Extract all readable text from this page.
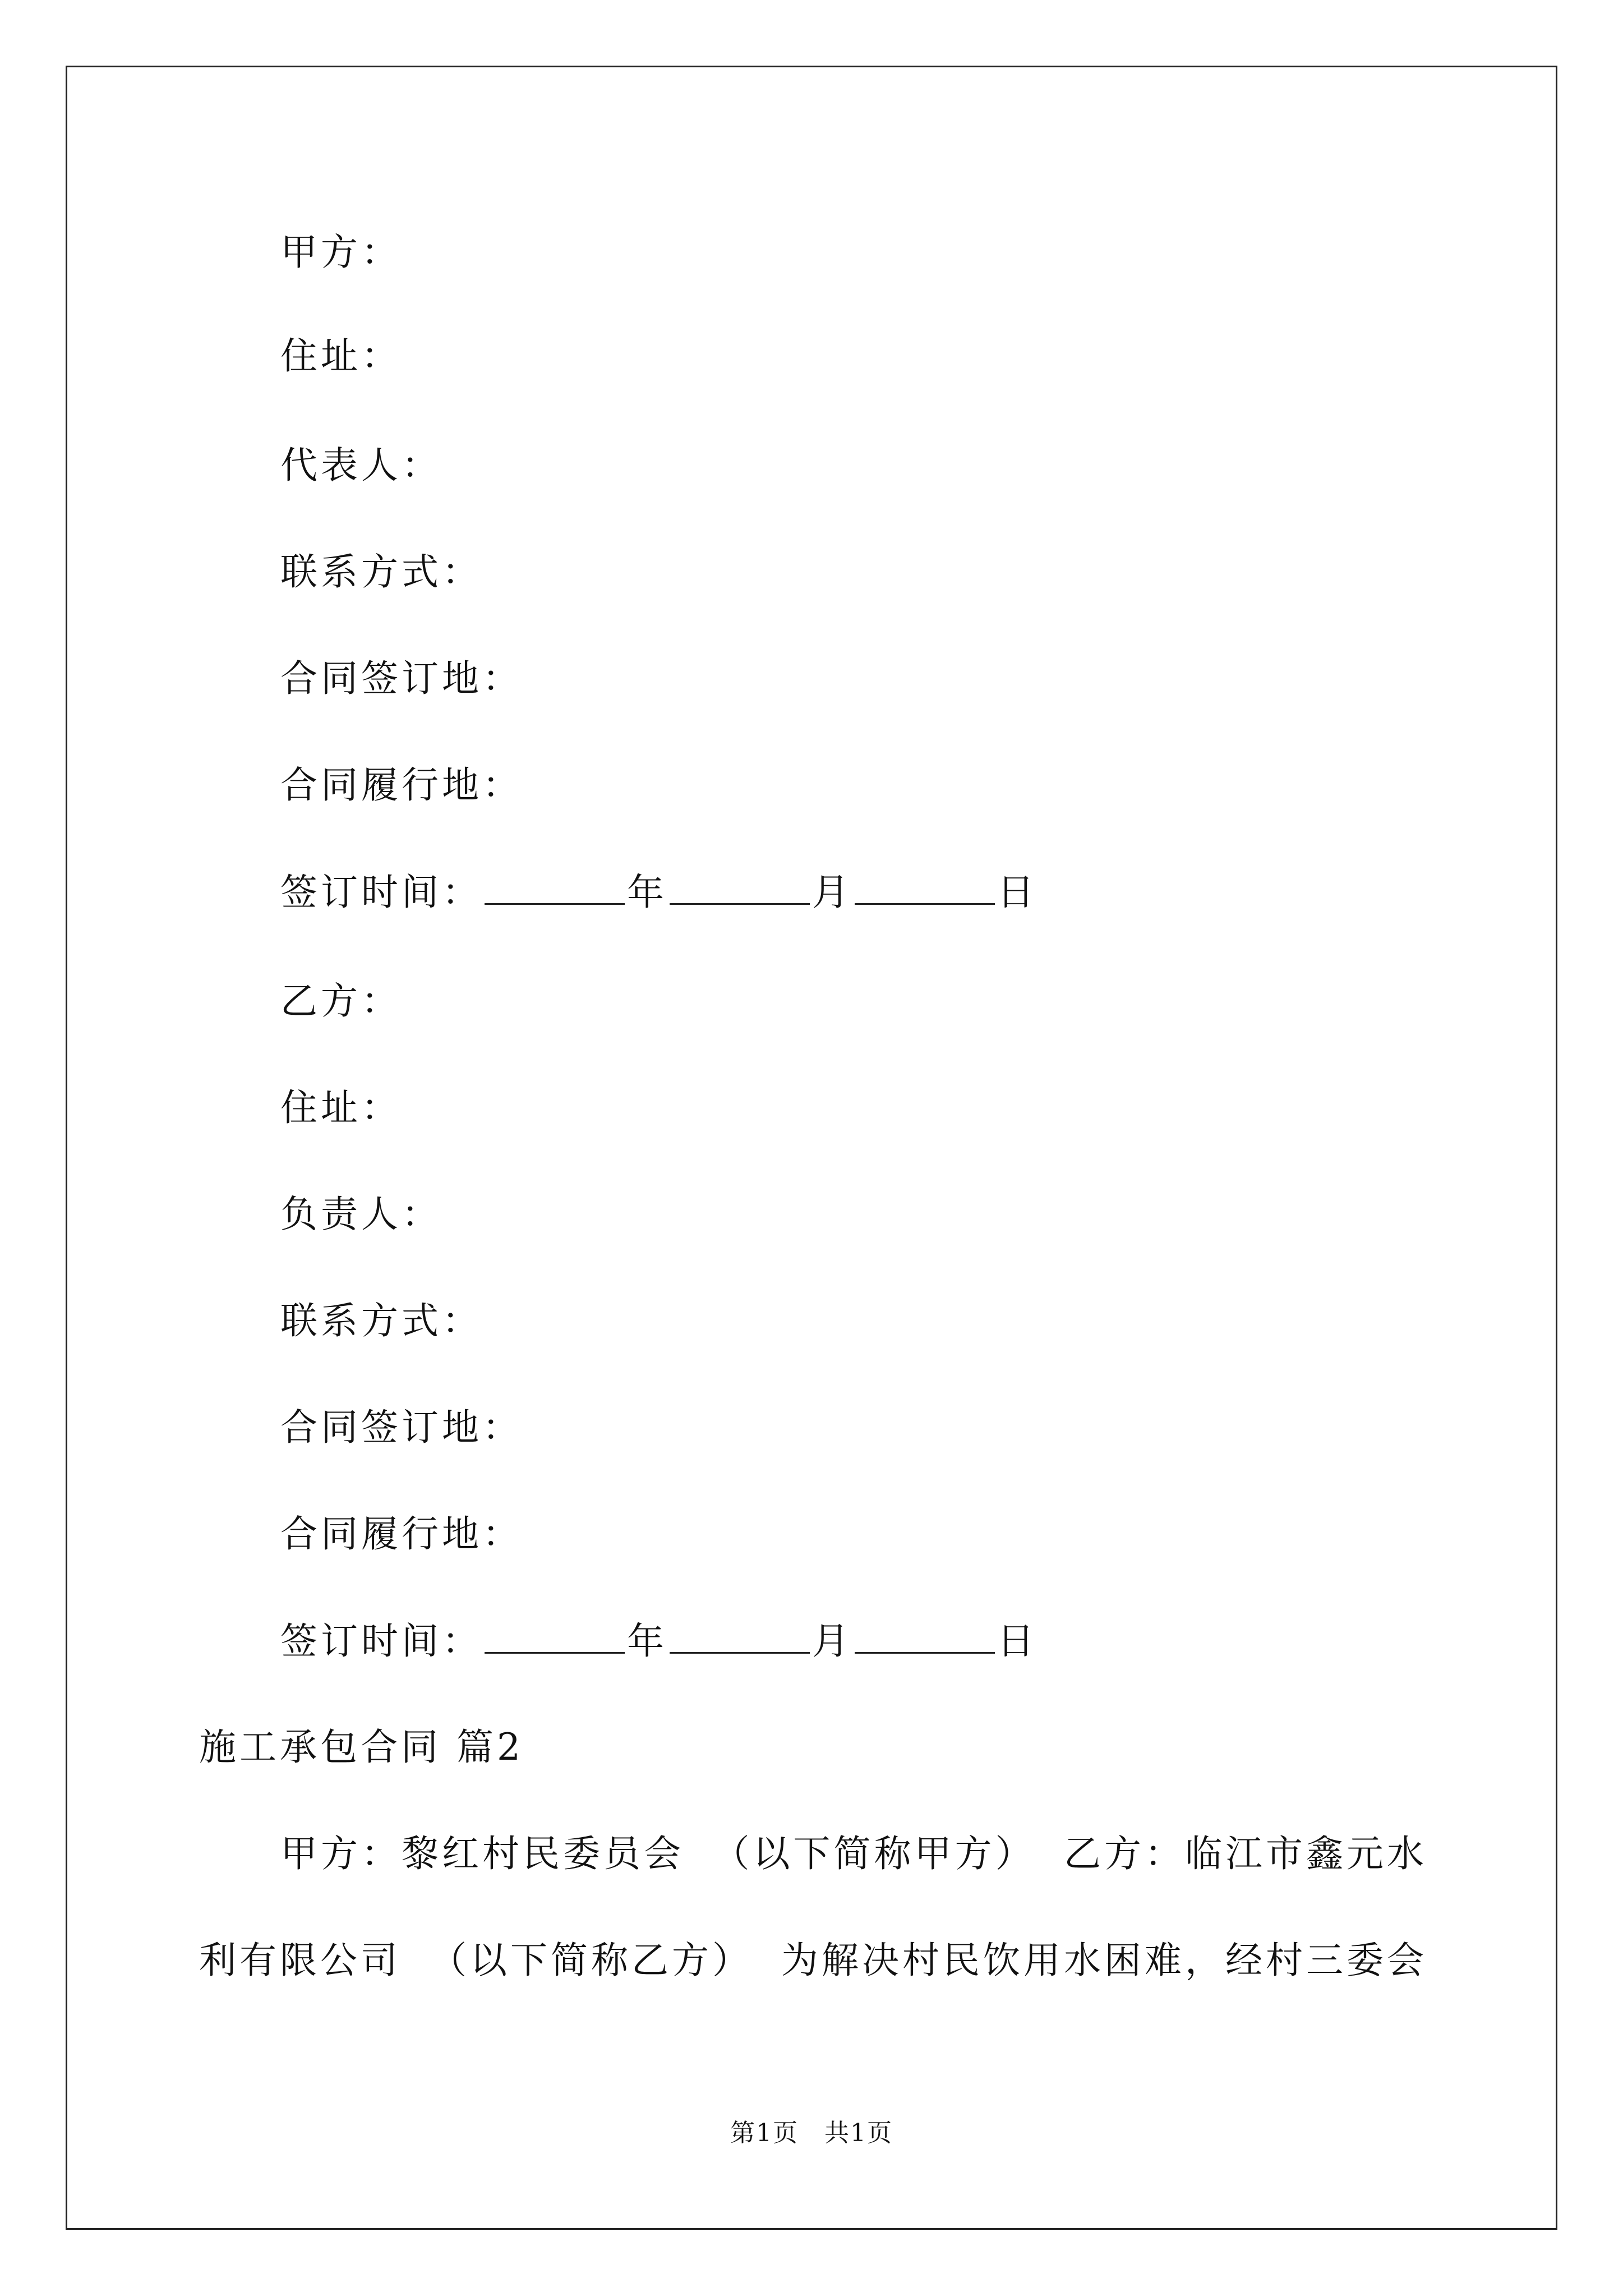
甲方：
住址：
代表人：
联系方式：
合同签订地：
合同履行地：
签订时间：	年	月	日
乙方：
住址：
负责人：
联系方式：
合同签订地：
合同履行地：
签订时间：	年	月	日
施工承包合同 篇2
甲方：黎红村民委员会 （以下简称甲方） 乙方：临江市鑫元水
利有限公司 （以下简称乙方） 为解决村民饮用水困难，经村三委会
第1页　共1页
